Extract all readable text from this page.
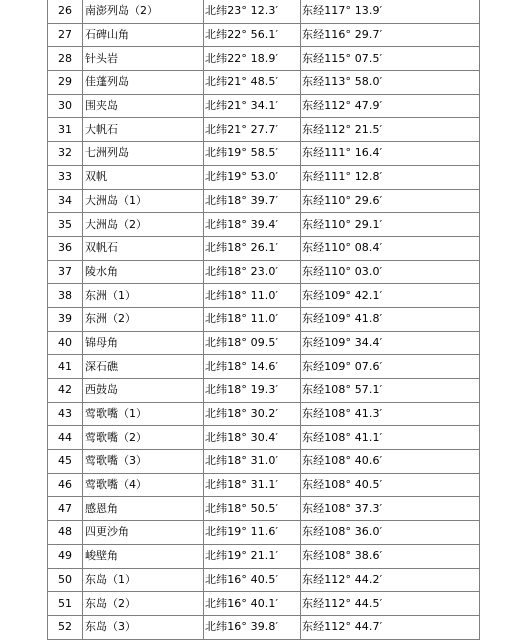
26	南澎列岛（2）	北纬23° 12.3′	东经117° 13.9′
27	石碑山角	北纬22° 56.1′	东经116° 29.7′
28	针头岩	北纬22° 18.9′	东经115° 07.5′
29	佳蓬列岛	北纬21° 48.5′	东经113° 58.0′
30	围夹岛	北纬21° 34.1′	东经112° 47.9′
31	大帆石	北纬21° 27.7′	东经112° 21.5′
32	七洲列岛	北纬19° 58.5′	东经111° 16.4′
33	双帆	北纬19° 53.0′	东经111° 12.8′
34	大洲岛（1）	北纬18° 39.7′	东经110° 29.6′
35	大洲岛（2）	北纬18° 39.4′	东经110° 29.1′
36	双帆石	北纬18° 26.1′	东经110° 08.4′
37	陵水角	北纬18° 23.0′	东经110° 03.0′
38	东洲（1）	北纬18° 11.0′	东经109° 42.1′
39	东洲（2）	北纬18° 11.0′	东经109° 41.8′
40	锦母角	北纬18° 09.5′	东经109° 34.4′
41	深石礁	北纬18° 14.6′	东经109° 07.6′
42	西鼓岛	北纬18° 19.3′	东经108° 57.1′
43	莺歌嘴（1）	北纬18° 30.2′	东经108° 41.3′
44	莺歌嘴（2）	北纬18° 30.4′	东经108° 41.1′
45	莺歌嘴（3）	北纬18° 31.0′	东经108° 40.6′
46	莺歌嘴（4）	北纬18° 31.1′	东经108° 40.5′
47	感恩角	北纬18° 50.5′	东经108° 37.3′
48	四更沙角	北纬19° 11.6′	东经108° 36.0′
49	峻壁角	北纬19° 21.1′	东经108° 38.6′
50	东岛（1）	北纬16° 40.5′	东经112° 44.2′
51	东岛（2）	北纬16° 40.1′	东经112° 44.5′
52	东岛（3）	北纬16° 39.8′	东经112° 44.7′
